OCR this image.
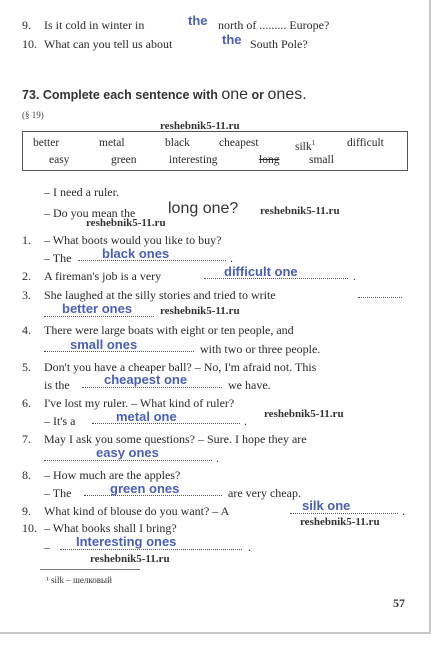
9. Is it cold in winter in	the north of ......... Europe?
10. What can you tell us about	the South Pole?
73. Complete each sentence with one or ones.
(§ 19)
reshebnik5-11.ru
better	metal	black	cheapest	silk$^1$	difficult
easy	green	interesting	long	small
– I need a ruler.
– Do you mean the long one? reshebnik5-11.ru
reshebnik5-11.ru
1. – What boots would you like to buy?
– The black ones	.
2. A fireman's job is a very	difficult one	.
3. She laughed at the silly stories and tried to write
better ones	reshebnik5-11.ru
4. There were large boats with eight or ten people, and
small ones	with two or three people.
5. Don't you have a cheaper ball? – No, I'm afraid not. This
is the	cheapest one	we have.
6. I've lost my ruler. – What kind of ruler?
– It's a	metal one	. reshebnik5-11.ru
7. May I ask you some questions? – Sure. I hope they are
easy ones	.
8. – How much are the apples?
– The	green ones	are very cheap.
9. What kind of blouse do you want? – A	silk one	.
reshebnik5-11.ru
10. – What books shall I bring?
– Interesting ones	.
reshebnik5-11.ru
¹ silk – шелковый
57
